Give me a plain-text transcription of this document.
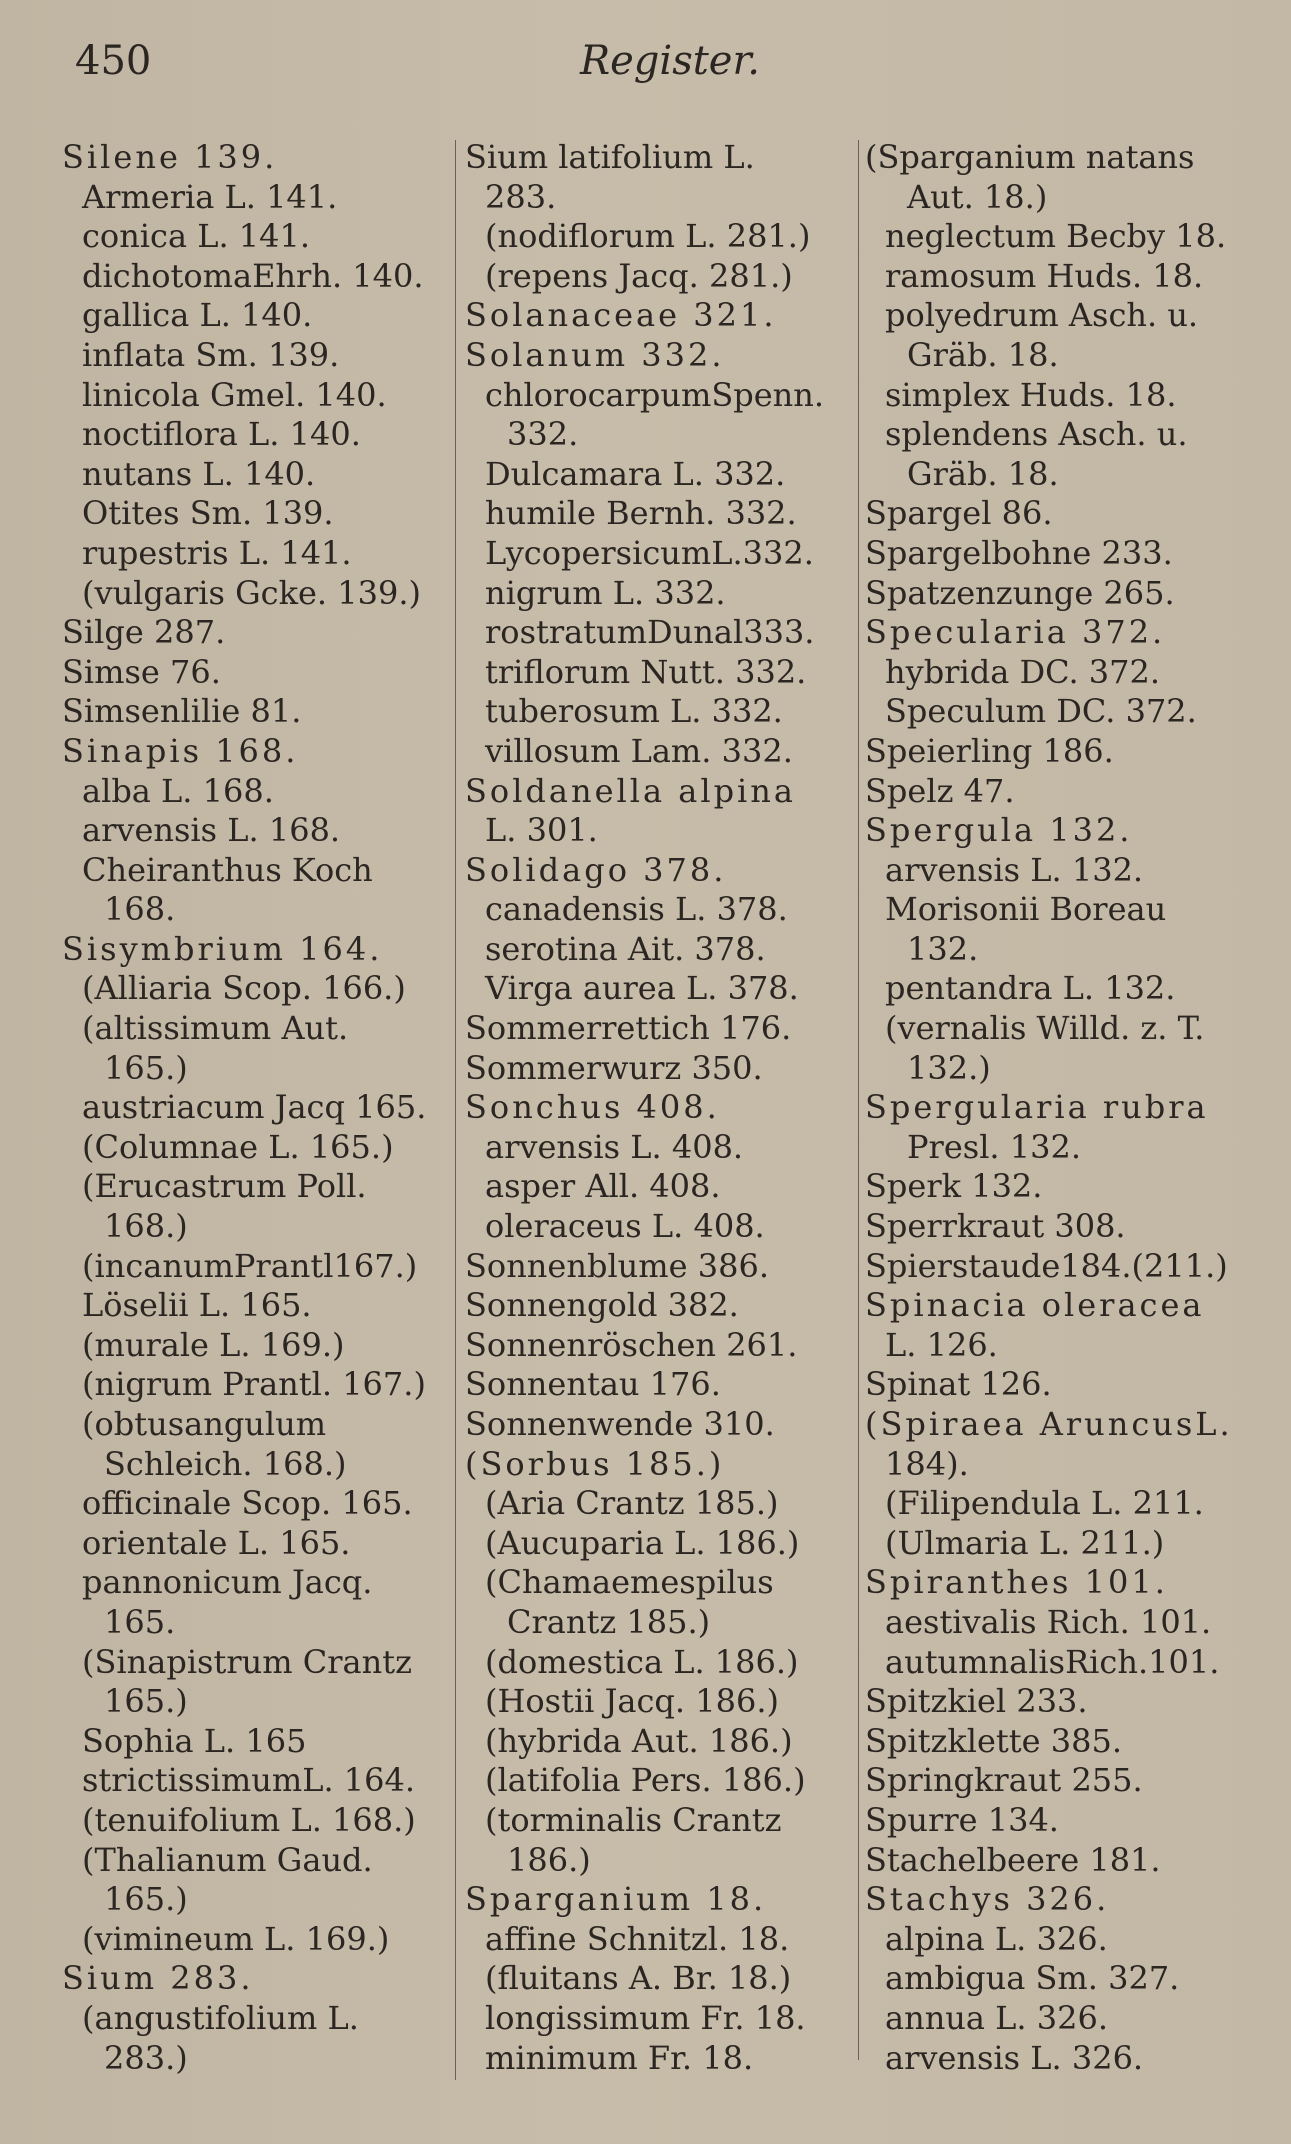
450	Register.
Silene 139.
Armeria L. 141.
conica L. 141.
dichotomaEhrh. 140.
gallica L. 140.
inflata Sm. 139.
linicola Gmel. 140.
noctiflora L. 140.
nutans L. 140.
Otites Sm. 139.
rupestris L. 141.
(vulgaris Gcke. 139.)
Silge 287.
Simse 76.
Simsenlilie 81.
Sinapis 168.
alba L. 168.
arvensis L. 168.
Cheiranthus Koch
168.
Sisymbrium 164.
(Alliaria Scop. 166.)
(altissimum Aut.
165.)
austriacum Jacq 165.
(Columnae L. 165.)
(Erucastrum Poll.
168.)
(incanumPrantl167.)
Löselii L. 165.
(murale L. 169.)
(nigrum Prantl. 167.)
(obtusangulum
Schleich. 168.)
officinale Scop. 165.
orientale L. 165.
pannonicum Jacq.
165.
(Sinapistrum Crantz
165.)
Sophia L. 165
strictissimumL. 164.
(tenuifolium L. 168.)
(Thalianum Gaud.
165.)
(vimineum L. 169.)
Sium 283.
(angustifolium L.
283.)
Sium latifolium L.
283.
(nodiflorum L. 281.)
(repens Jacq. 281.)
Solanaceae 321.
Solanum 332.
chlorocarpumSpenn.
332.
Dulcamara L. 332.
humile Bernh. 332.
LycopersicumL.332.
nigrum L. 332.
rostratumDunal333.
triflorum Nutt. 332.
tuberosum L. 332.
villosum Lam. 332.
Soldanella alpina
L. 301.
Solidago 378.
canadensis L. 378.
serotina Ait. 378.
Virga aurea L. 378.
Sommerrettich 176.
Sommerwurz 350.
Sonchus 408.
arvensis L. 408.
asper All. 408.
oleraceus L. 408.
Sonnenblume 386.
Sonnengold 382.
Sonnenröschen 261.
Sonnentau 176.
Sonnenwende 310.
(Sorbus 185.)
(Aria Crantz 185.)
(Aucuparia L. 186.)
(Chamaemespilus
Crantz 185.)
(domestica L. 186.)
(Hostii Jacq. 186.)
(hybrida Aut. 186.)
(latifolia Pers. 186.)
(torminalis Crantz
186.)
Sparganium 18.
affine Schnitzl. 18.
(fluitans A. Br. 18.)
longissimum Fr. 18.
minimum Fr. 18.
(Sparganium natans
Aut. 18.)
neglectum Becby 18.
ramosum Huds. 18.
polyedrum Asch. u.
Gräb. 18.
simplex Huds. 18.
splendens Asch. u.
Gräb. 18.
Spargel 86.
Spargelbohne 233.
Spatzenzunge 265.
Specularia 372.
hybrida DC. 372.
Speculum DC. 372.
Speierling 186.
Spelz 47.
Spergula 132.
arvensis L. 132.
Morisonii Boreau
132.
pentandra L. 132.
(vernalis Willd. z. T.
132.)
Spergularia rubra
Presl. 132.
Sperk 132.
Sperrkraut 308.
Spierstaude184.(211.)
Spinacia oleracea
L. 126.
Spinat 126.
(Spiraea AruncusL.
184).
(Filipendula L. 211.
(Ulmaria L. 211.)
Spiranthes 101.
aestivalis Rich. 101.
autumnalisRich.101.
Spitzkiel 233.
Spitzklette 385.
Springkraut 255.
Spurre 134.
Stachelbeere 181.
Stachys 326.
alpina L. 326.
ambigua Sm. 327.
annua L. 326.
arvensis L. 326.
